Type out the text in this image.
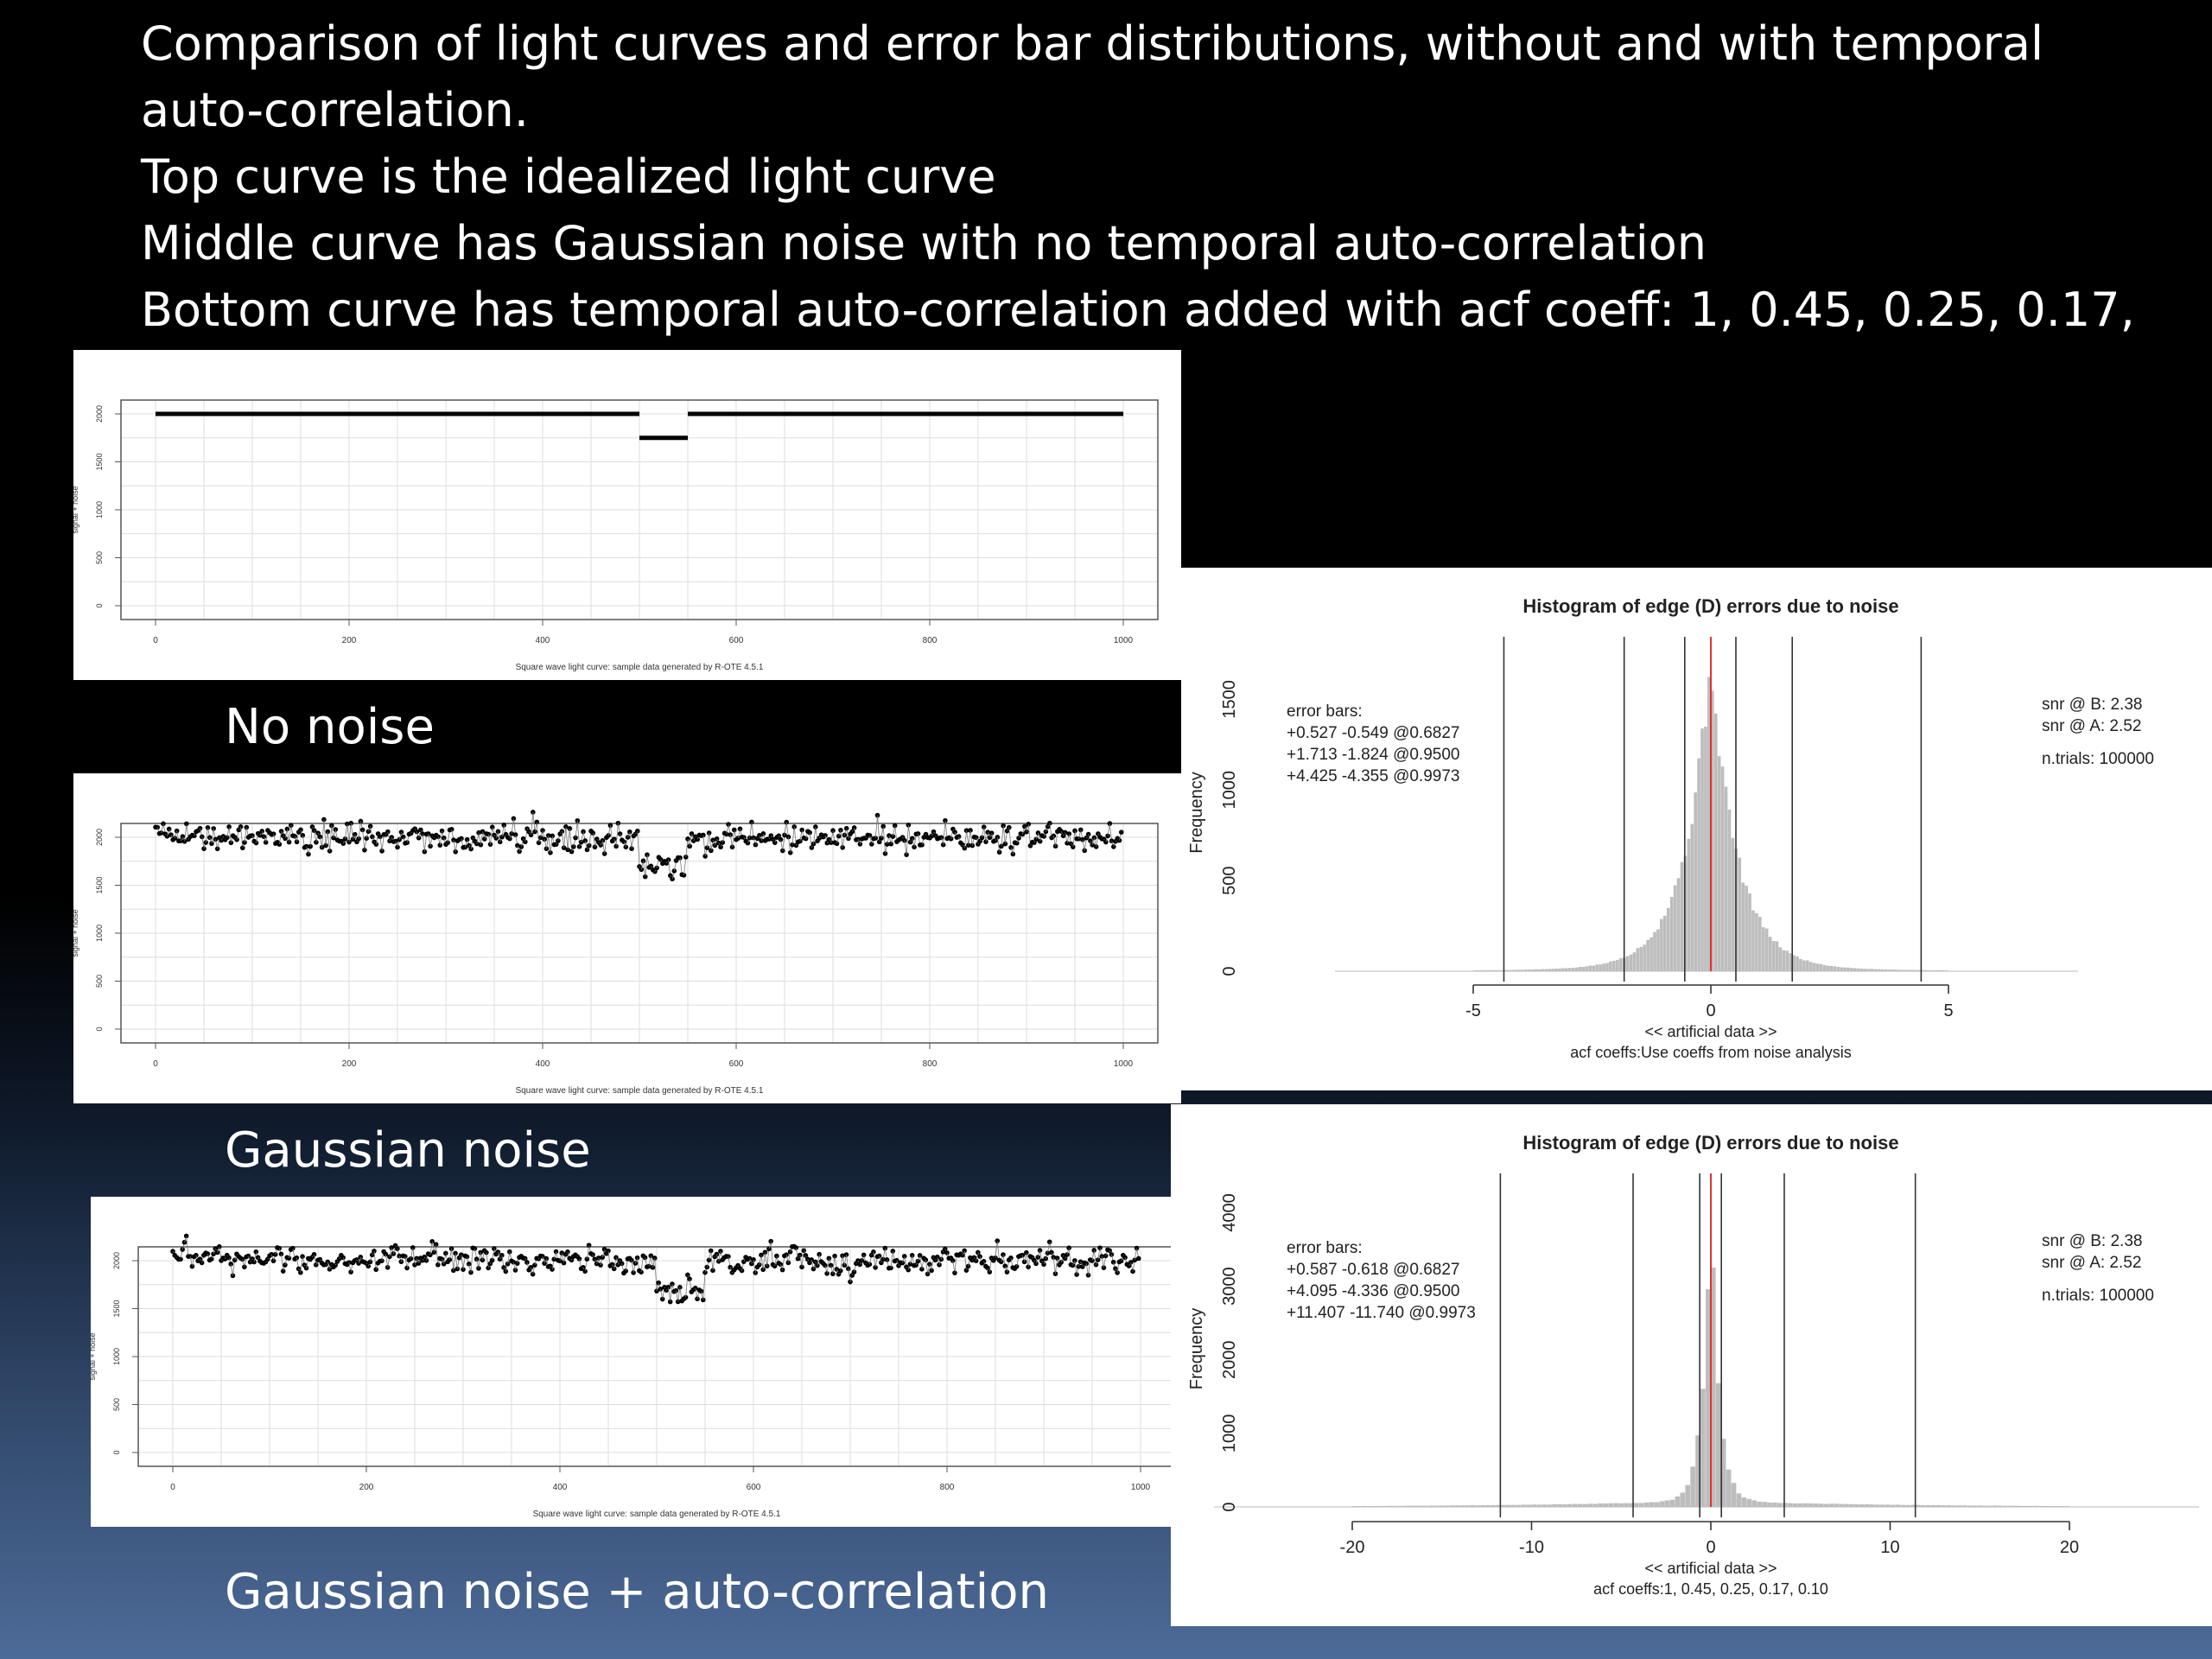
Comparison of light curves and error bar distributions, without and with temporal auto-correlation.
Top curve is the idealized light curve
Middle curve has Gaussian noise with no temporal auto-correlation
Bottom curve has temporal auto-correlation added with acf coeff: 1, 0.45, 0.25, 0.17,
0	200	400	600	800	1000
0
500
1000
1500
2000
Square wave light curve: sample data generated by R-OTE 4.5.1
signal + noise
No noise
0	200	400	600	800	1000
0
500
1000
1500
2000
Square wave light curve: sample data generated by R-OTE 4.5.1
signal + noise
Gaussian noise
0	200	400	600	800	1000
0
500
1000
1500
2000
Square wave light curve: sample data generated by R-OTE 4.5.1
signal + noise
Gaussian noise + auto-correlation
Histogram of edge (D) errors due to noise
-5	0	5
<< artificial data >>
acf coeffs:Use coeffs from noise analysis
0
500
1000
1500
Frequency
error bars:
+0.527 -0.549 @0.6827
+1.713 -1.824 @0.9500
+4.425 -4.355 @0.9973
snr @ B: 2.38
snr @ A: 2.52
n.trials: 100000
Histogram of edge (D) errors due to noise
-20	-10	0	10	20
<< artificial data >>
acf coeffs:1, 0.45, 0.25, 0.17, 0.10
0
1000
2000
3000
4000
Frequency
error bars:
+0.587 -0.618 @0.6827
+4.095 -4.336 @0.9500
+11.407 -11.740 @0.9973
snr @ B: 2.38
snr @ A: 2.52
n.trials: 100000
